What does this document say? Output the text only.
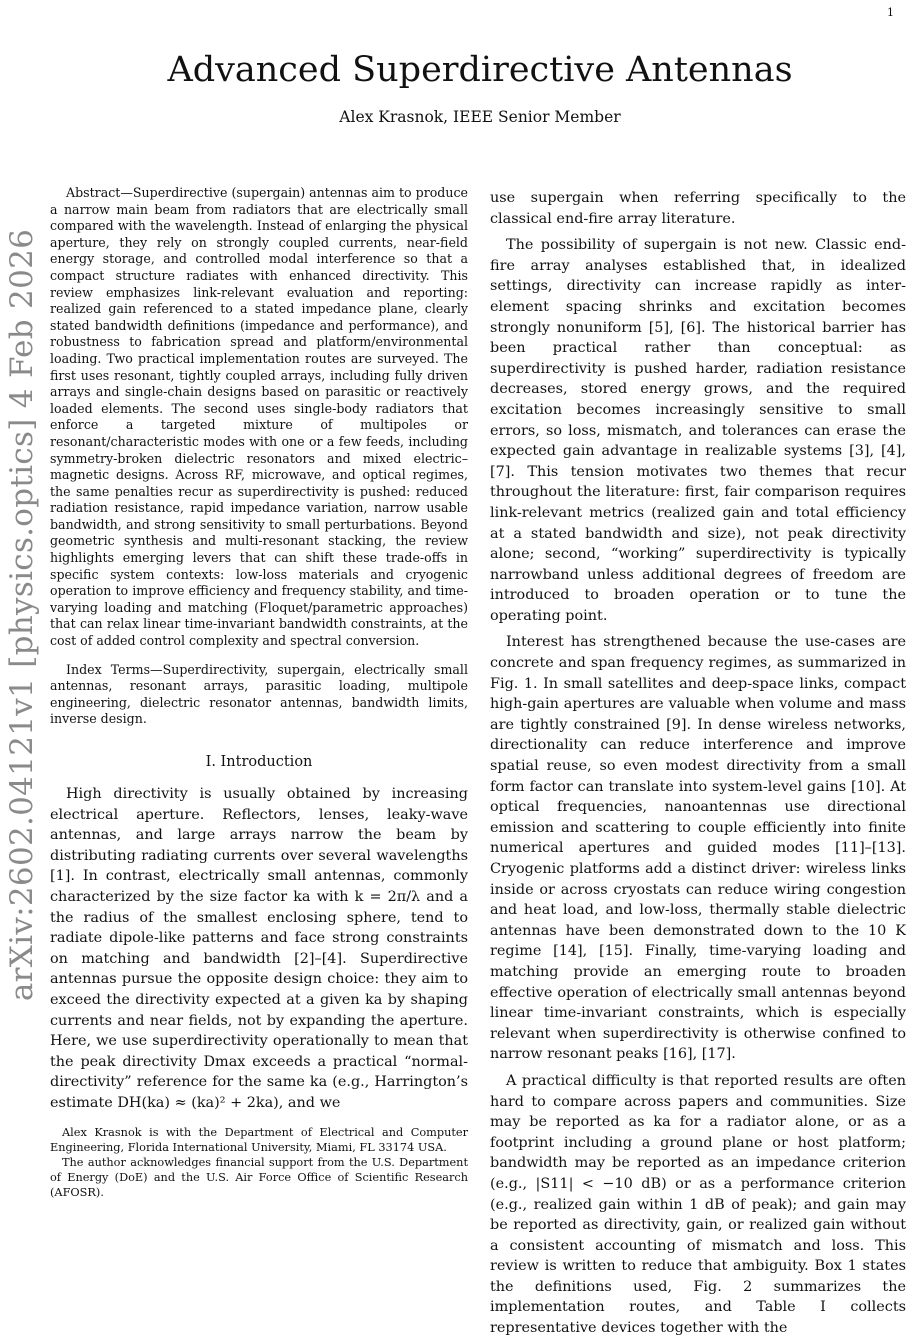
1
arXiv:2602.04121v1 [physics.optics] 4 Feb 2026
Advanced Superdirective Antennas
Alex Krasnok, IEEE Senior Member

Abstract—Superdirective (supergain) antennas aim to produce a narrow main beam from radiators that are electrically small compared with the wavelength. Instead of enlarging the physical aperture, they rely on strongly coupled currents, near-field energy storage, and controlled modal interference so that a compact structure radiates with enhanced directivity. This review emphasizes link-relevant evaluation and reporting: realized gain referenced to a stated impedance plane, clearly stated bandwidth definitions (impedance and performance), and robustness to fabrication spread and platform/environmental loading. Two practical implementation routes are surveyed. The first uses resonant, tightly coupled arrays, including fully driven arrays and single-chain designs based on parasitic or reactively loaded elements. The second uses single-body radiators that enforce a targeted mixture of multipoles or resonant/characteristic modes with one or a few feeds, including symmetry-broken dielectric resonators and mixed electric–magnetic designs. Across RF, microwave, and optical regimes, the same penalties recur as superdirectivity is pushed: reduced radiation resistance, rapid impedance variation, narrow usable bandwidth, and strong sensitivity to small perturbations. Beyond geometric synthesis and multi-resonant stacking, the review highlights emerging levers that can shift these trade-offs in specific system contexts: low-loss materials and cryogenic operation to improve efficiency and frequency stability, and time-varying loading and matching (Floquet/parametric approaches) that can relax linear time-invariant bandwidth constraints, at the cost of added control complexity and spectral conversion.

Index Terms—Superdirectivity, supergain, electrically small antennas, resonant arrays, parasitic loading, multipole engineering, dielectric resonator antennas, bandwidth limits, inverse design.

I. Introduction

High directivity is usually obtained by increasing electrical aperture. Reflectors, lenses, leaky-wave antennas, and large arrays narrow the beam by distributing radiating currents over several wavelengths [1]. In contrast, electrically small antennas, commonly characterized by the size factor ka with k = 2π/λ and a the radius of the smallest enclosing sphere, tend to radiate dipole-like patterns and face strong constraints on matching and bandwidth [2]–[4]. Superdirective antennas pursue the opposite design choice: they aim to exceed the directivity expected at a given ka by shaping currents and near fields, not by expanding the aperture. Here, we use superdirectivity operationally to mean that the peak directivity Dmax exceeds a practical “normal-directivity” reference for the same ka (e.g., Harrington’s estimate DH(ka) ≈ (ka)² + 2ka), and we

Alex Krasnok is with the Department of Electrical and Computer Engineering, Florida International University, Miami, FL 33174 USA.

The author acknowledges financial support from the U.S. Department of Energy (DoE) and the U.S. Air Force Office of Scientific Research (AFOSR).

use supergain when referring specifically to the classical end-fire array literature.

The possibility of supergain is not new. Classic end-fire array analyses established that, in idealized settings, directivity can increase rapidly as inter-element spacing shrinks and excitation becomes strongly nonuniform [5], [6]. The historical barrier has been practical rather than conceptual: as superdirectivity is pushed harder, radiation resistance decreases, stored energy grows, and the required excitation becomes increasingly sensitive to small errors, so loss, mismatch, and tolerances can erase the expected gain advantage in realizable systems [3], [4], [7]. This tension motivates two themes that recur throughout the literature: first, fair comparison requires link-relevant metrics (realized gain and total efficiency at a stated bandwidth and size), not peak directivity alone; second, “working” superdirectivity is typically narrowband unless additional degrees of freedom are introduced to broaden operation or to tune the operating point.

Interest has strengthened because the use-cases are concrete and span frequency regimes, as summarized in Fig. 1. In small satellites and deep-space links, compact high-gain apertures are valuable when volume and mass are tightly constrained [9]. In dense wireless networks, directionality can reduce interference and improve spatial reuse, so even modest directivity from a small form factor can translate into system-level gains [10]. At optical frequencies, nanoantennas use directional emission and scattering to couple efficiently into finite numerical apertures and guided modes [11]–[13]. Cryogenic platforms add a distinct driver: wireless links inside or across cryostats can reduce wiring congestion and heat load, and low-loss, thermally stable dielectric antennas have been demonstrated down to the 10 K regime [14], [15]. Finally, time-varying loading and matching provide an emerging route to broaden effective operation of electrically small antennas beyond linear time-invariant constraints, which is especially relevant when superdirectivity is otherwise confined to narrow resonant peaks [16], [17].

A practical difficulty is that reported results are often hard to compare across papers and communities. Size may be reported as ka for a radiator alone, or as a footprint including a ground plane or host platform; bandwidth may be reported as an impedance criterion (e.g., |S11| < −10 dB) or as a performance criterion (e.g., realized gain within 1 dB of peak); and gain may be reported as directivity, gain, or realized gain without a consistent accounting of mismatch and loss. This review is written to reduce that ambiguity. Box 1 states the definitions used, Fig. 2 summarizes the implementation routes, and Table I collects representative devices together with the
